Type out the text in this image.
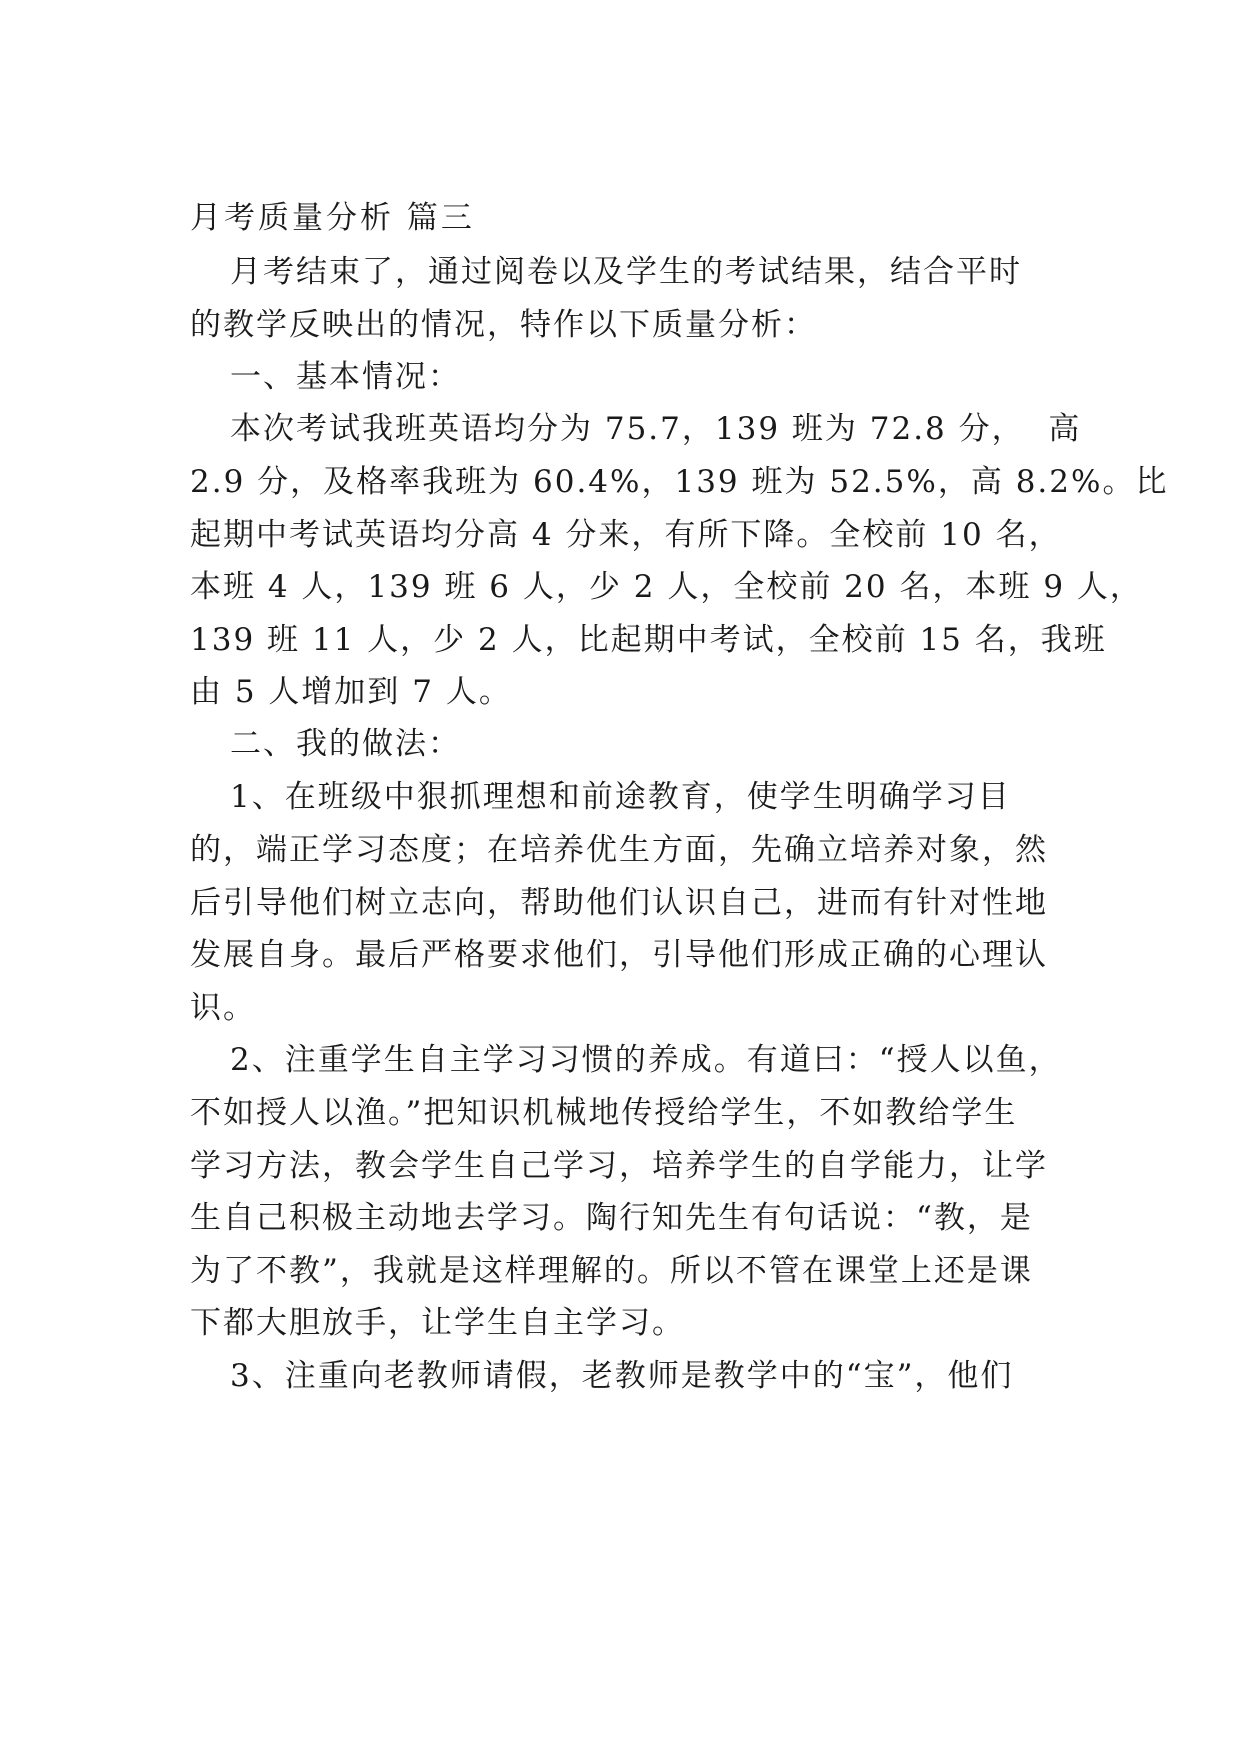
月考质量分析 篇三
月考结束了，通过阅卷以及学生的考试结果，结合平时
的教学反映出的情况，特作以下质量分析：
一、基本情况：
本次考试我班英语均分为 75.7，139 班为 72.8 分，  高
2.9 分，及格率我班为 60.4%，139 班为 52.5%，高 8.2%。比
起期中考试英语均分高 4 分来，有所下降。全校前 10 名，
本班 4 人，139 班 6 人，少 2 人，全校前 20 名，本班 9 人，
139 班 11 人，少 2 人，比起期中考试，全校前 15 名，我班
由 5 人增加到 7 人。
二、我的做法：
1、在班级中狠抓理想和前途教育，使学生明确学习目
的，端正学习态度；在培养优生方面，先确立培养对象，然
后引导他们树立志向，帮助他们认识自己，进而有针对性地
发展自身。最后严格要求他们，引导他们形成正确的心理认
识。
2、注重学生自主学习习惯的养成。有道曰：“授人以鱼，
不如授人以渔。”把知识机械地传授给学生，不如教给学生
学习方法，教会学生自己学习，培养学生的自学能力，让学
生自己积极主动地去学习。陶行知先生有句话说：“教，是
为了不教”，我就是这样理解的。所以不管在课堂上还是课
下都大胆放手，让学生自主学习。
3、注重向老教师请假，老教师是教学中的“宝”，他们
